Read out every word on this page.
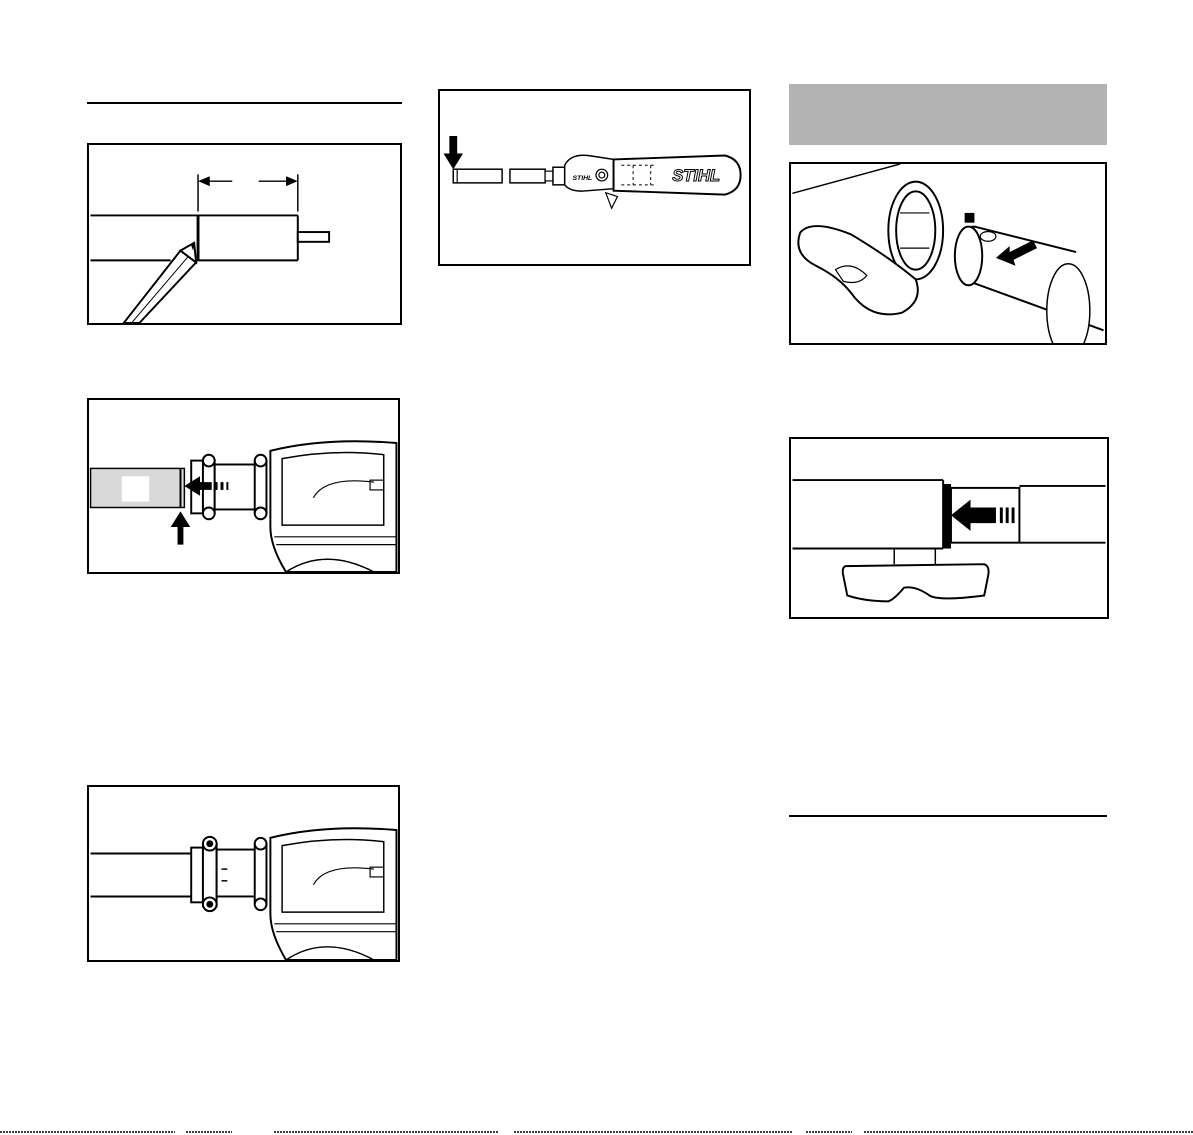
STIHL	STIHL
